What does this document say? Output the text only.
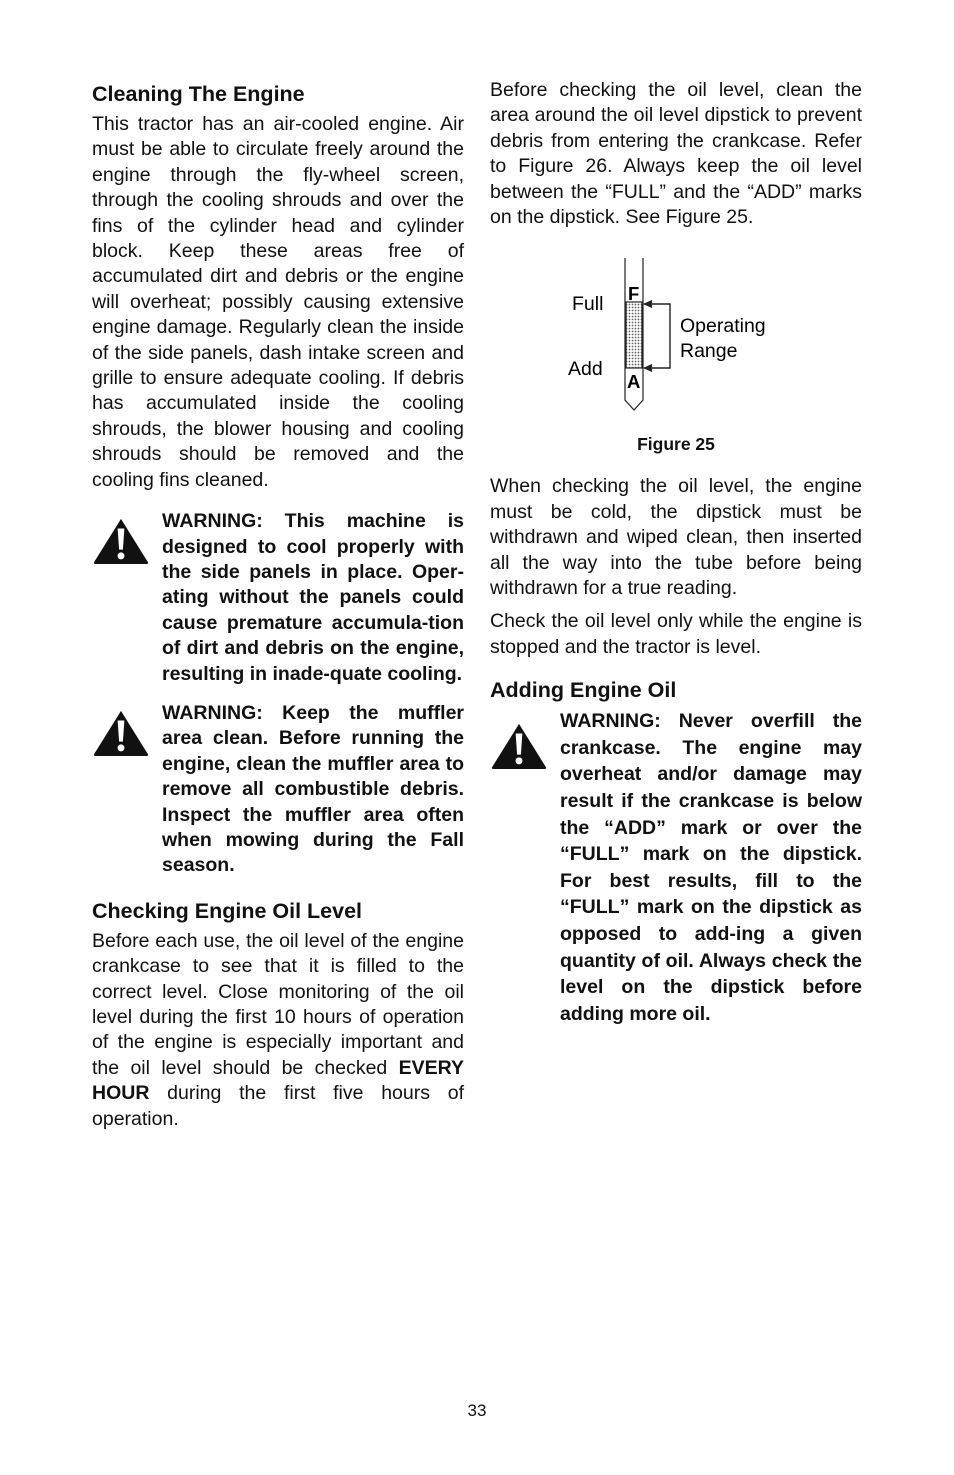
Cleaning The Engine

This tractor has an air-cooled engine. Air must be able to circulate freely around the engine through the fly-wheel screen, through the cooling shrouds and over the fins of the cylinder head and cylinder block. Keep these areas free of accumulated dirt and debris or the engine will overheat; possibly causing extensive engine damage. Regularly clean the inside of the side panels, dash intake screen and grille to ensure adequate cooling. If debris has accumulated inside the cooling shrouds, the blower housing and cooling shrouds should be removed and the cooling fins cleaned.

WARNING: This machine is designed to cool properly with the side panels in place. Oper-ating without the panels could cause premature accumula-tion of dirt and debris on the engine, resulting in inade-quate cooling.
WARNING: Keep the muffler area clean. Before running the engine, clean the muffler area to remove all combustible debris. Inspect the muffler area often when mowing during the Fall season.
Checking Engine Oil Level

Before each use, the oil level of the engine crankcase to see that it is filled to the correct level. Close monitoring of the oil level during the first 10 hours of operation of the engine is especially important and the oil level should be checked EVERY HOUR during the first five hours of operation.

Before checking the oil level, clean the area around the oil level dipstick to prevent debris from entering the crankcase. Refer to Figure 26. Always keep the oil level between the “FULL” and the “ADD” marks on the dipstick. See Figure 25.

Full
Add
F
A
Operating
Range
Figure 25

When checking the oil level, the engine must be cold, the dipstick must be withdrawn and wiped clean, then inserted all the way into the tube before being withdrawn for a true reading.

Check the oil level only while the engine is stopped and the tractor is level.

Adding Engine Oil
WARNING: Never overfill the crankcase. The engine may overheat and/or damage may result if the crankcase is below the “ADD” mark or over the “FULL” mark on the dipstick. For best results, fill to the “FULL” mark on the dipstick as opposed to add-ing a given quantity of oil. Always check the level on the dipstick before adding more oil.
33
